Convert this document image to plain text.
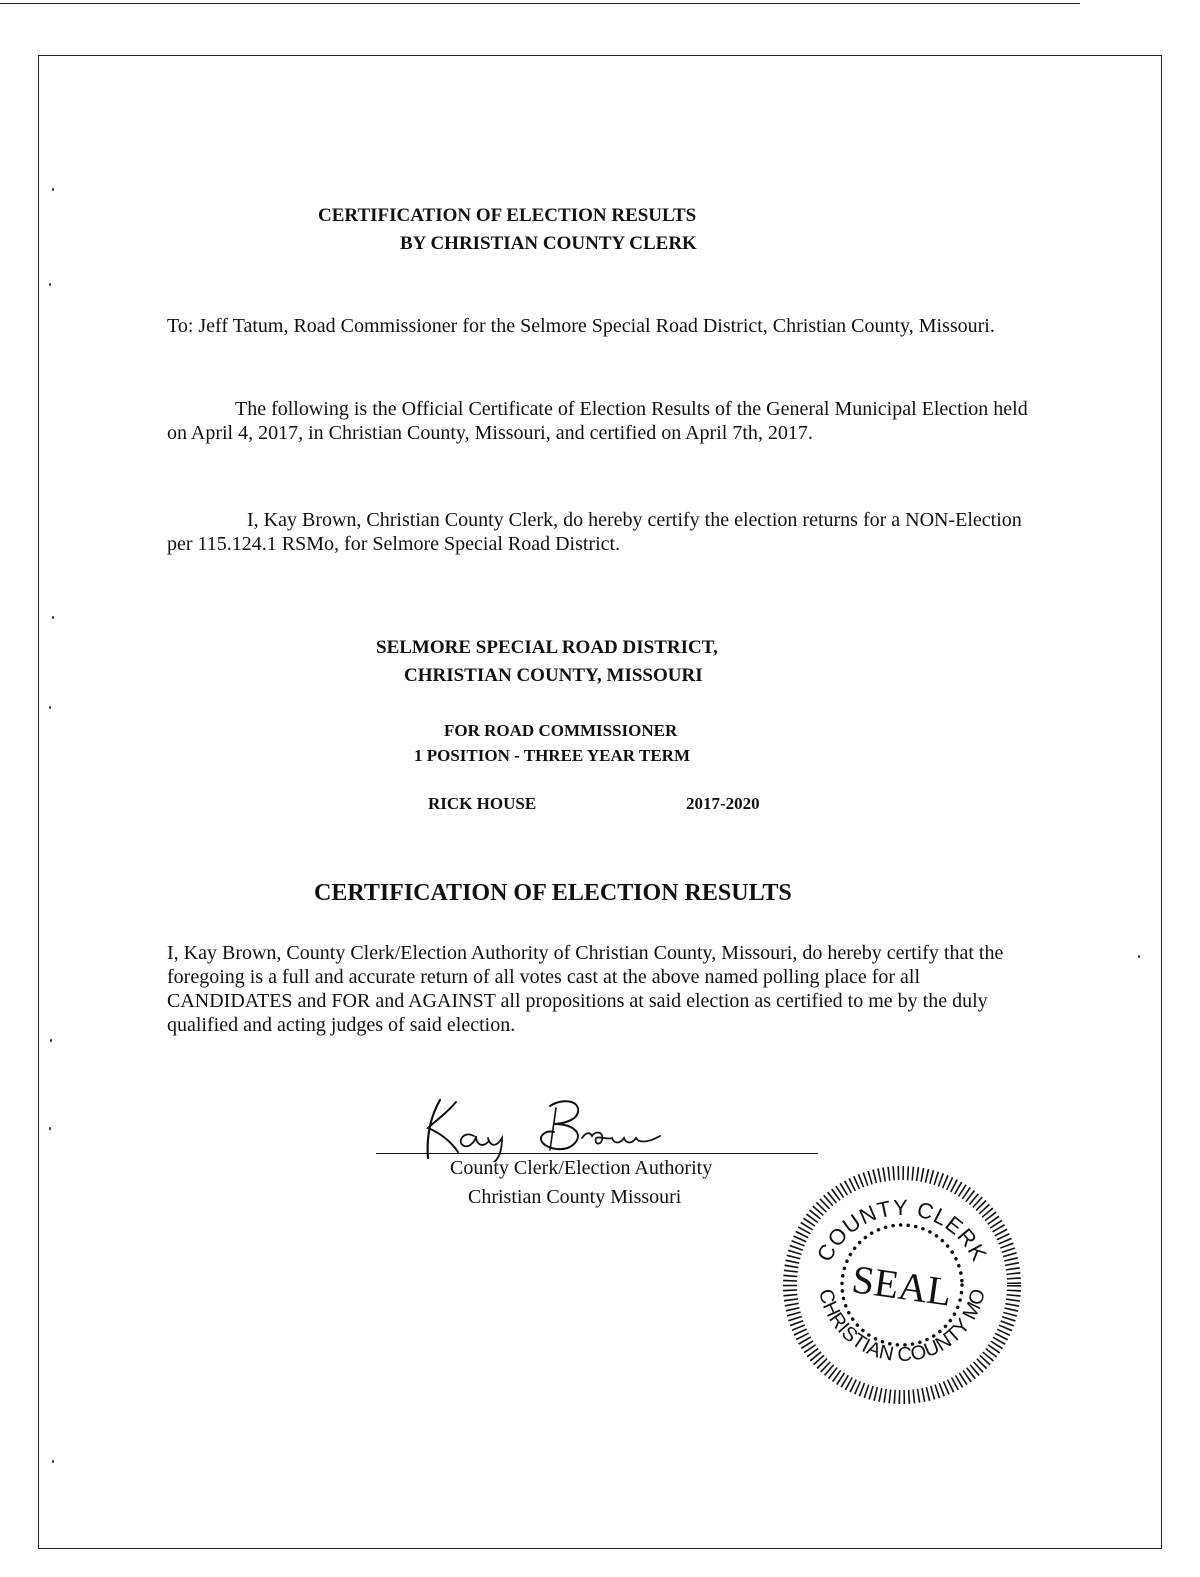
CERTIFICATION OF ELECTION RESULTS
BY CHRISTIAN COUNTY CLERK

To: Jeff Tatum, Road Commissioner for the Selmore Special Road District, Christian County, Missouri.

The following is the Official Certificate of Election Results of the General Municipal Election held on April 4, 2017, in Christian County, Missouri, and certified on April 7th, 2017.

I, Kay Brown, Christian County Clerk, do hereby certify the election returns for a NON-Election per 115.124.1 RSMo, for Selmore Special Road District.

SELMORE SPECIAL ROAD DISTRICT,
CHRISTIAN COUNTY, MISSOURI
FOR ROAD COMMISSIONER
1 POSITION - THREE YEAR TERM
RICK HOUSE	2017-2020
CERTIFICATION OF ELECTION RESULTS

I, Kay Brown, County Clerk/Election Authority of Christian County, Missouri, do hereby certify that the foregoing is a full and accurate return of all votes cast at the above named polling place for all CANDIDATES and FOR and AGAINST all propositions at said election as certified to me by the duly qualified and acting judges of said election.

County Clerk/Election Authority
Christian County Missouri
COUNTY CLERK
CHRISTIAN COUNTY MO
SEAL
